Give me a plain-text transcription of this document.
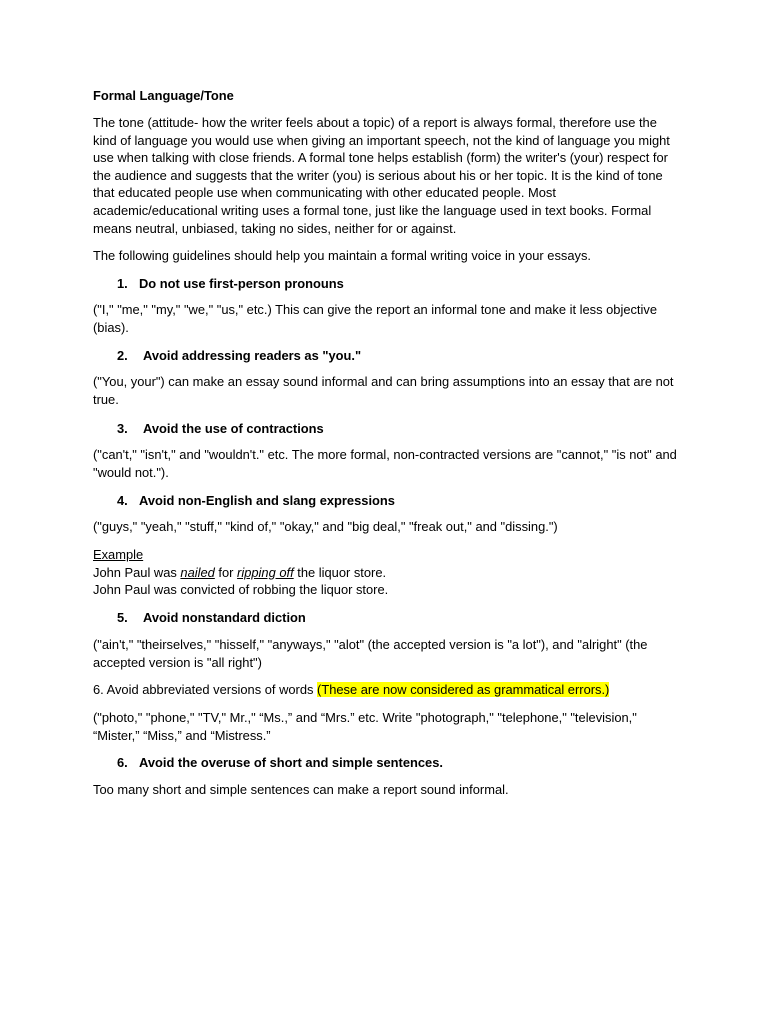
Formal Language/Tone

The tone (attitude- how the writer feels about a topic) of a report is always formal, therefore use the kind of language you would use when giving an important speech, not the kind of language you might use when talking with close friends. A formal tone helps establish (form) the writer's (your) respect for the audience and suggests that the writer (you) is serious about his or her topic. It is the kind of tone that educated people use when communicating with other educated people. Most academic/educational writing uses a formal tone, just like the language used in text books. Formal means neutral, unbiased, taking no sides, neither for or against.

The following guidelines should help you maintain a formal writing voice in your essays.

1. Do not use first-person pronouns

("I," "me," "my," "we," "us," etc.) This can give the report an informal tone and make it less objective (bias).

2. Avoid addressing readers as "you."

("You, your") can make an essay sound informal and can bring assumptions into an essay that are not true.

3. Avoid the use of contractions

("can't," "isn't," and "wouldn't." etc. The more formal, non-contracted versions are "cannot," "is not" and "would not.").

4. Avoid non-English and slang expressions

("guys," "yeah," "stuff," "kind of," "okay," and "big deal," "freak out," and "dissing.")

Example
John Paul was nailed for ripping off the liquor store.
John Paul was convicted of robbing the liquor store.

5. Avoid nonstandard diction

("ain't," "theirselves," "hisself," "anyways," "alot" (the accepted version is "a lot"), and "alright" (the accepted version is "all right")

6. Avoid abbreviated versions of words (These are now considered as grammatical errors.)

("photo," "phone," "TV," Mr.," “Ms.,” and “Mrs.” etc. Write "photograph," "telephone," "television," “Mister,” “Miss,” and “Mistress.”

6. Avoid the overuse of short and simple sentences.

Too many short and simple sentences can make a report sound informal.
